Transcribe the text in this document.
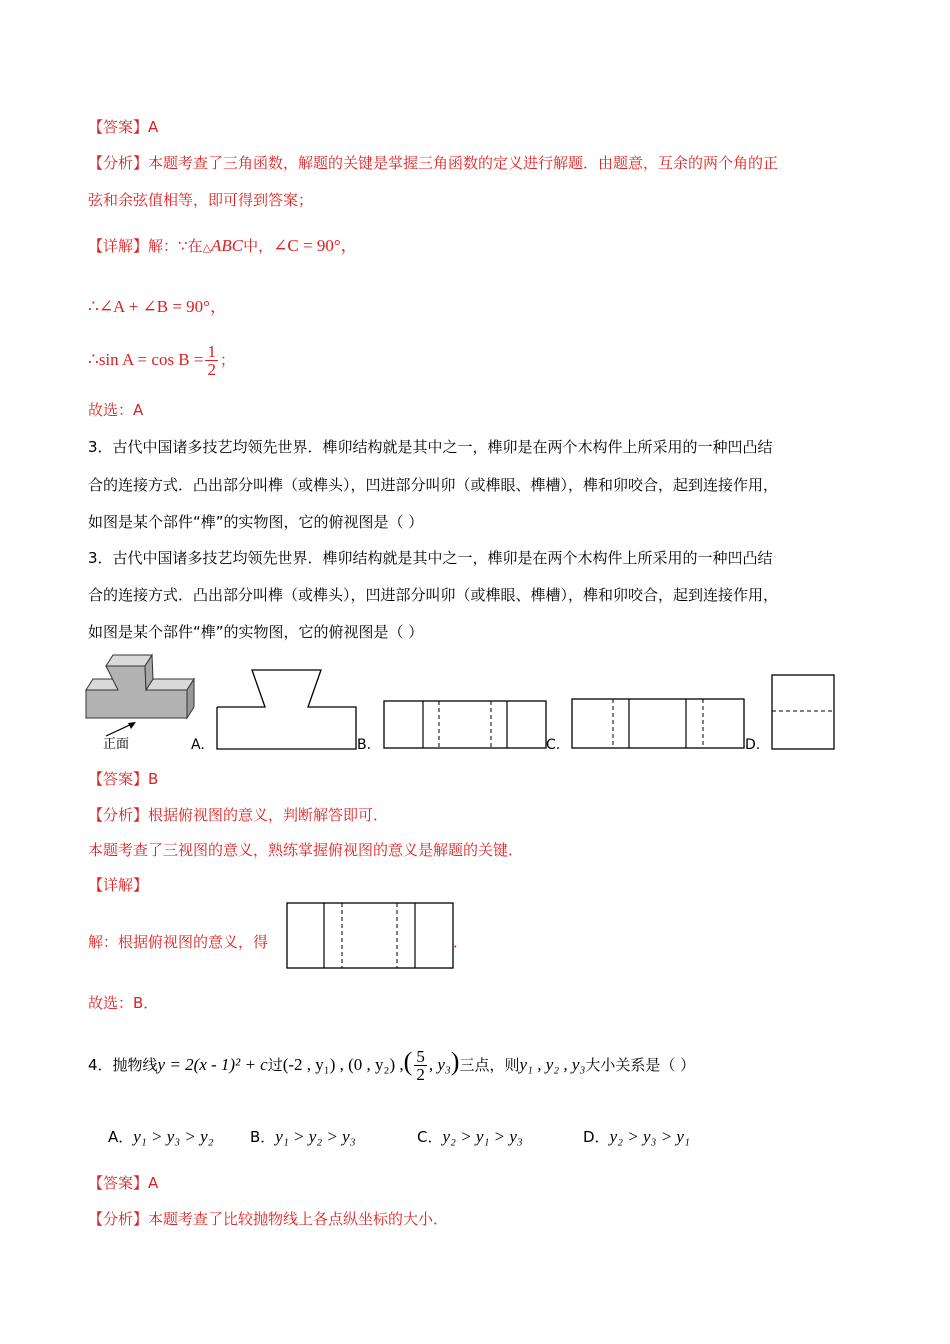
【答案】A
【分析】本题考查了三角函数，解题的关键是掌握三角函数的定义进行解题．由题意，互余的两个角的正
弦和余弦值相等，即可得到答案；
【详解】解：∵在△ABC中，∠C = 90°，
∴∠A + ∠B = 90°，
∴sin $A = \cos B = \frac{1}{2}$ ；
故选：A
3．古代中国诸多技艺均领先世界．榫卯结构就是其中之一，榫卯是在两个木构件上所采用的一种凹凸结
合的连接方式．凸出部分叫榫（或榫头），凹进部分叫卯（或榫眼、榫槽），榫和卯咬合，起到连接作用，
如图是某个部件“榫”的实物图，它的俯视图是（ ）
3．古代中国诸多技艺均领先世界．榫卯结构就是其中之一，榫卯是在两个木构件上所采用的一种凹凸结
合的连接方式．凸出部分叫榫（或榫头），凹进部分叫卯（或榫眼、榫槽），榫和卯咬合，起到连接作用，
如图是某个部件“榫”的实物图，它的俯视图是（ ）
正面	A.	B.	C.	D.
【答案】B
【分析】根据俯视图的意义，判断解答即可．
本题考查了三视图的意义，熟练掌握俯视图的意义是解题的关键．
【详解】
解：根据俯视图的意义，得	．
故选：B．
4．抛物线y = 2(x - 1)² + c过(-2 , y₁) , (0 , y₂) ,( $\frac{5}{2}$ , y₃)三点，则y₁ , y₂ , y₃大小关系是（ ）
A．y₁ > y₃ > y₂ B．y₁ > y₂ > y₃	C．y₂ > y₁ > y₃	D．y₂ > y₃ > y₁
【答案】A
【分析】本题考查了比较抛物线上各点纵坐标的大小．
